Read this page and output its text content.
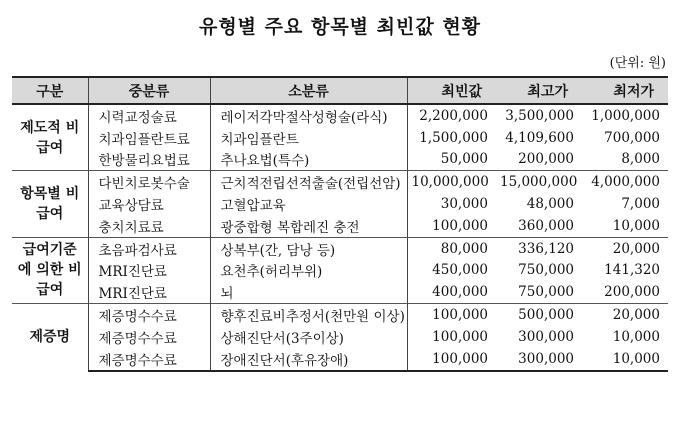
유형별 주요 항목별 최빈값 현황
(단위: 원)
구분	중분류	소분류	최빈값	최고가	최저가
제도적 비급여	시력교정술료	레이저각막절삭성형술(라식)	2,200,000	3,500,000	1,000,000
	치과임플란트료	치과임플란트	1,500,000	4,109,600	700,000
	한방물리요법료	추나요법(특수)	50,000	200,000	8,000
항목별 비급여	다빈치로봇수술	근치적전립선적출술(전립선암)	10,000,000	15,000,000	4,000,000
	교육상담료	고혈압교육	30,000	48,000	7,000
	충치치료료	광중합형 복합레진 충전	100,000	360,000	10,000
급여기준에 의한 비급여	초음파검사료	상복부(간, 담낭 등)	80,000	336,120	20,000
	MRI진단료	요천추(허리부위)	450,000	750,000	141,320
	MRI진단료	뇌	400,000	750,000	200,000
제증명	제증명수수료	향후진료비추정서(천만원 이상)	100,000	500,000	20,000
	제증명수수료	상해진단서(3주이상)	100,000	300,000	10,000
	제증명수수료	장애진단서(후유장애)	100,000	300,000	10,000
